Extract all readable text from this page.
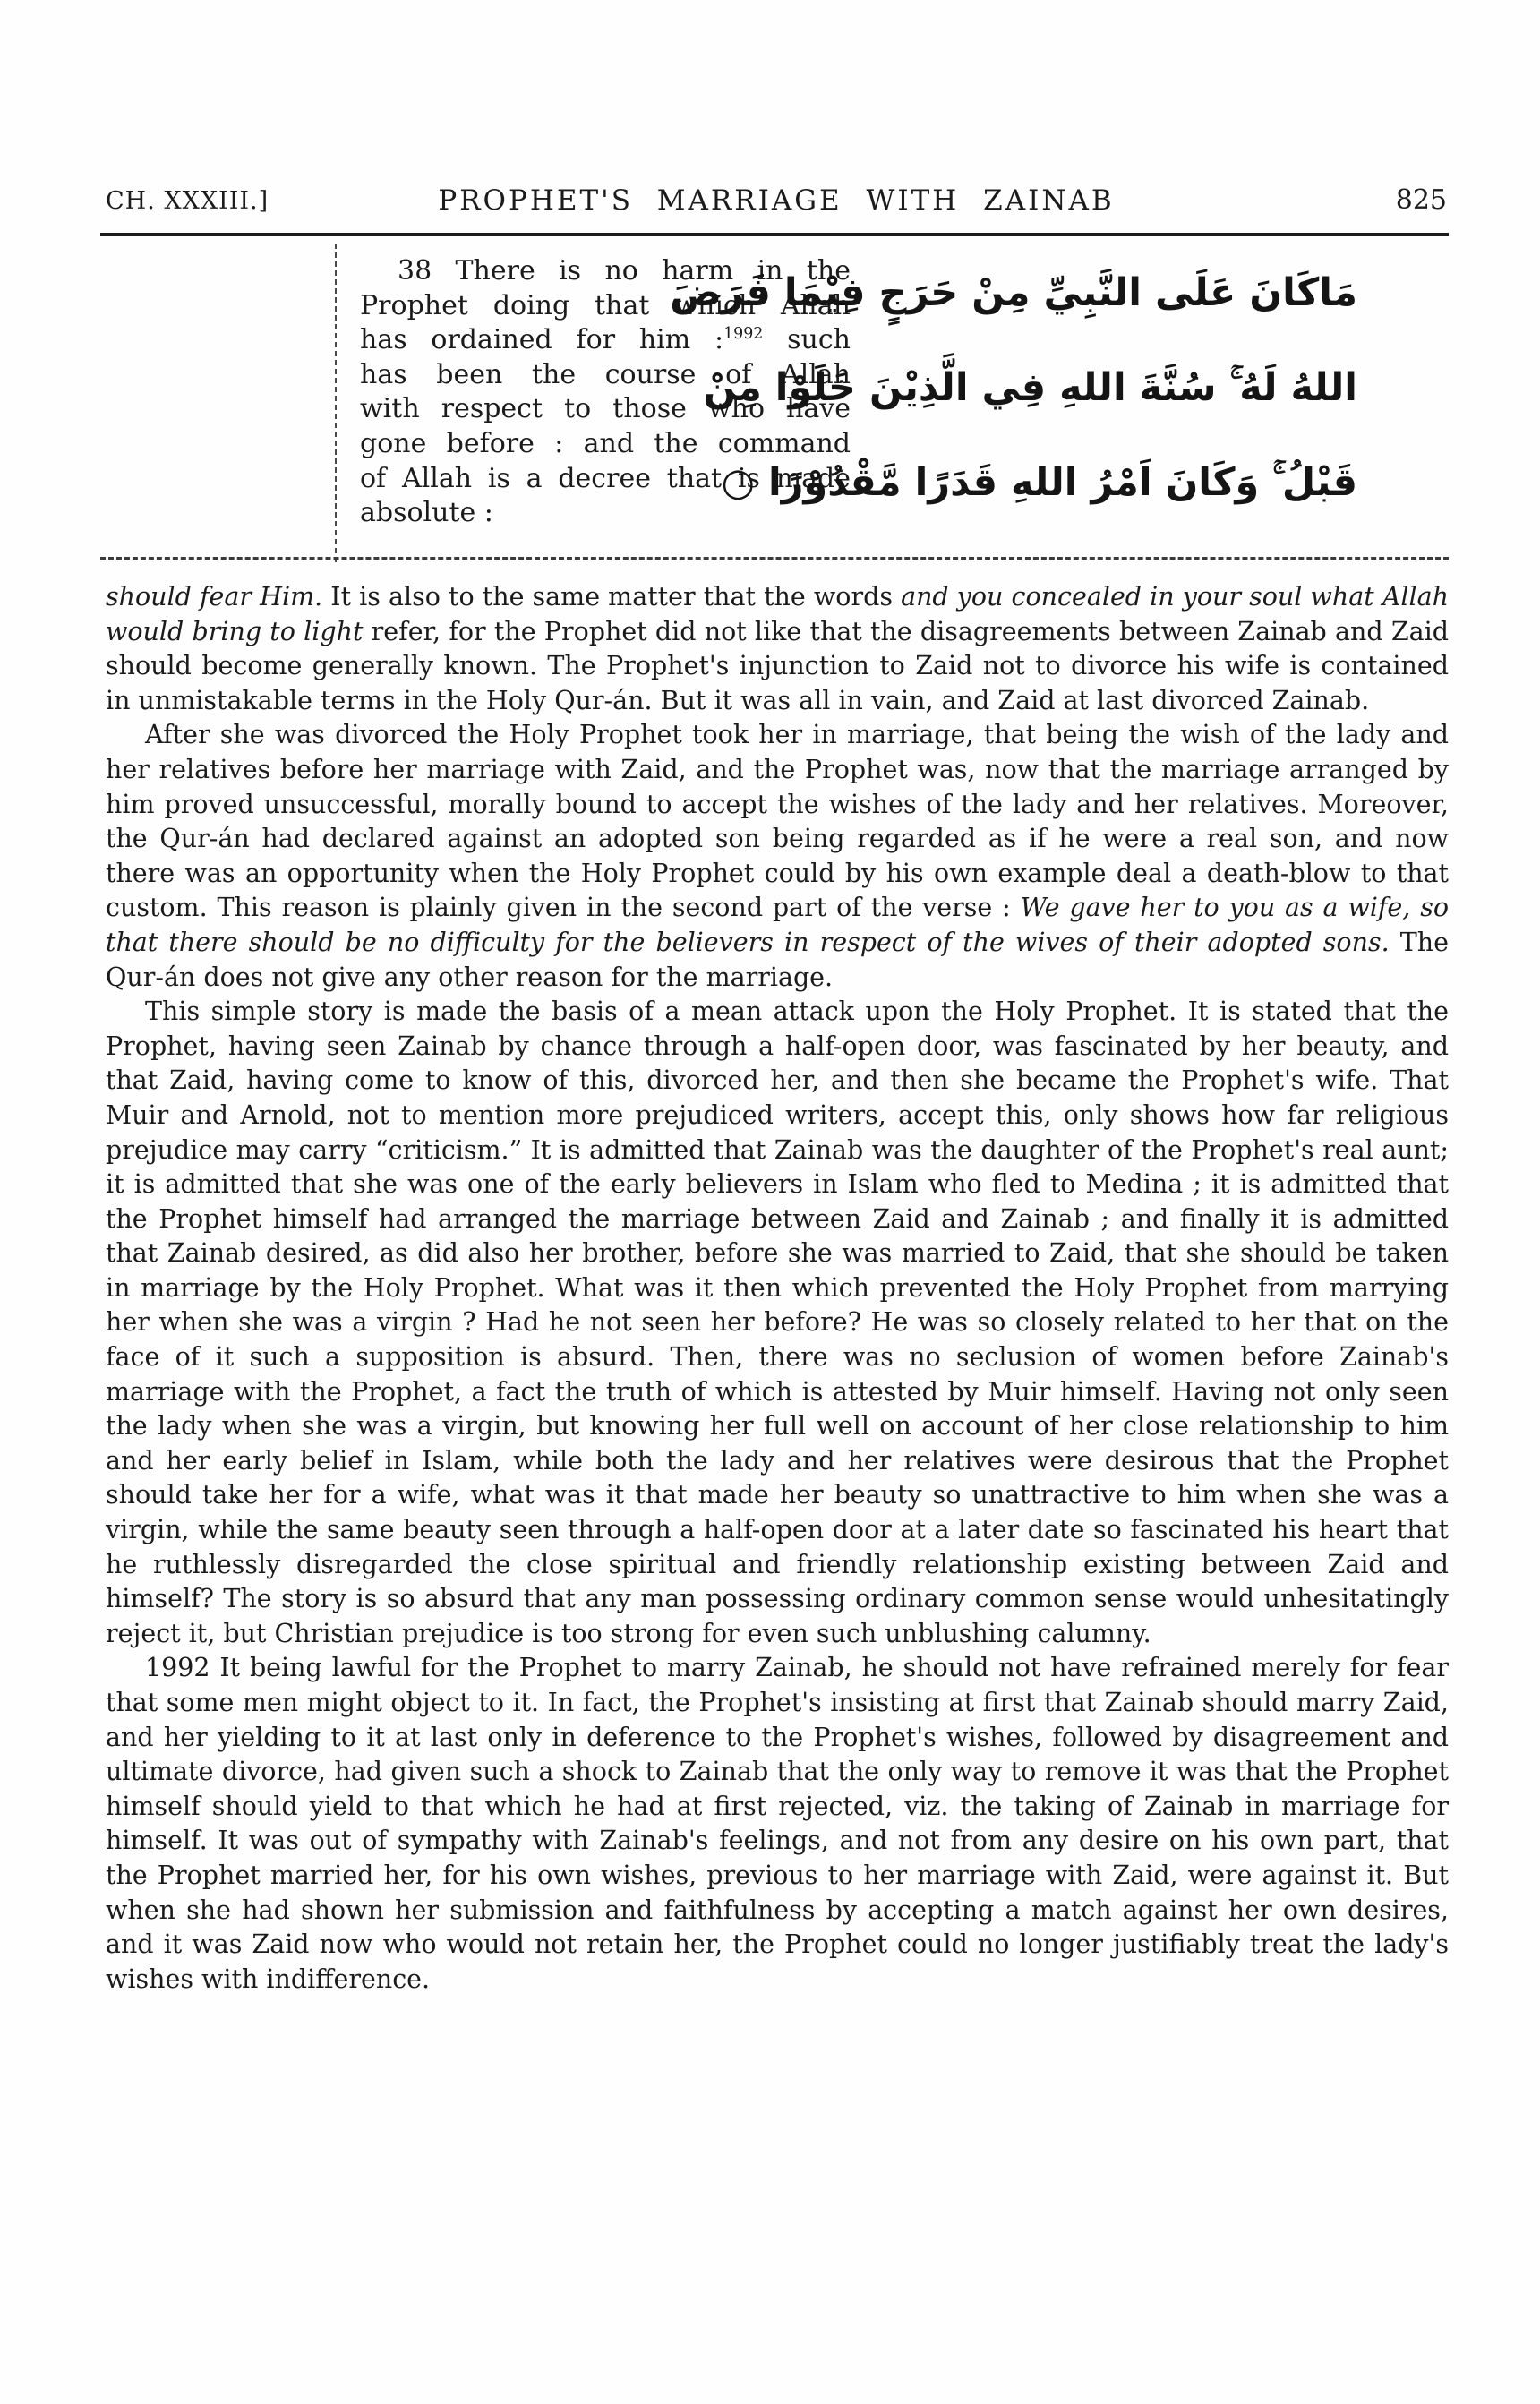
CH. XXXIII.]	PROPHET'S MARRIAGE WITH ZAINAB	825
38 There is no harm in the
Prophet doing that which Allah
has ordained for him :$^{1992}$ such
has been the course of Allah
with respect to those who have
gone before : and the command
of Allah is a decree that is made
absolute :
مَاكَانَ عَلَى النَّبِيِّ مِنْ حَرَجٍ فِيْمَا فَرَضَ
اللهُ لَهُ ۚ سُنَّةَ اللهِ فِي الَّذِيْنَ خَلَوْا مِنْ
قَبْلُ ۚ وَكَانَ اَمْرُ اللهِ قَدَرًا مَّقْدُوْرًا ○

should fear Him. It is also to the same matter that the words and you concealed in your soul what Allah would bring to light refer, for the Prophet did not like that the disagreements between Zainab and Zaid should become generally known. The Prophet's injunction to Zaid not to divorce his wife is contained in unmistakable terms in the Holy Qur-án. But it was all in vain, and Zaid at last divorced Zainab.

After she was divorced the Holy Prophet took her in marriage, that being the wish of the lady and her relatives before her marriage with Zaid, and the Prophet was, now that the marriage arranged by him proved unsuccessful, morally bound to accept the wishes of the lady and her relatives. Moreover, the Qur-án had declared against an adopted son being regarded as if he were a real son, and now there was an opportunity when the Holy Prophet could by his own example deal a death-blow to that custom. This reason is plainly given in the second part of the verse : We gave her to you as a wife, so that there should be no difficulty for the believers in respect of the wives of their adopted sons. The Qur-án does not give any other reason for the marriage.

This simple story is made the basis of a mean attack upon the Holy Prophet. It is stated that the Prophet, having seen Zainab by chance through a half-open door, was fascinated by her beauty, and that Zaid, having come to know of this, divorced her, and then she became the Prophet's wife. That Muir and Arnold, not to mention more prejudiced writers, accept this, only shows how far religious prejudice may carry “criticism.” It is admitted that Zainab was the daughter of the Prophet's real aunt; it is admitted that she was one of the early believers in Islam who fled to Medina ; it is admitted that the Prophet himself had arranged the marriage between Zaid and Zainab ; and finally it is admitted that Zainab desired, as did also her brother, before she was married to Zaid, that she should be taken in marriage by the Holy Prophet. What was it then which prevented the Holy Prophet from marrying her when she was a virgin ? Had he not seen her before? He was so closely related to her that on the face of it such a supposition is absurd. Then, there was no seclusion of women before Zainab's marriage with the Prophet, a fact the truth of which is attested by Muir himself. Having not only seen the lady when she was a virgin, but knowing her full well on account of her close relationship to him and her early belief in Islam, while both the lady and her relatives were desirous that the Prophet should take her for a wife, what was it that made her beauty so unattractive to him when she was a virgin, while the same beauty seen through a half-open door at a later date so fascinated his heart that he ruthlessly disregarded the close spiritual and friendly relationship existing between Zaid and himself? The story is so absurd that any man possessing ordinary common sense would unhesitatingly reject it, but Christian prejudice is too strong for even such unblushing calumny.

1992 It being lawful for the Prophet to marry Zainab, he should not have refrained merely for fear that some men might object to it. In fact, the Prophet's insisting at first that Zainab should marry Zaid, and her yielding to it at last only in deference to the Prophet's wishes, followed by disagreement and ultimate divorce, had given such a shock to Zainab that the only way to remove it was that the Prophet himself should yield to that which he had at first rejected, viz. the taking of Zainab in marriage for himself. It was out of sympathy with Zainab's feelings, and not from any desire on his own part, that the Prophet married her, for his own wishes, previous to her marriage with Zaid, were against it. But when she had shown her submission and faithfulness by accepting a match against her own desires, and it was Zaid now who would not retain her, the Prophet could no longer justifiably treat the lady's wishes with indifference.
